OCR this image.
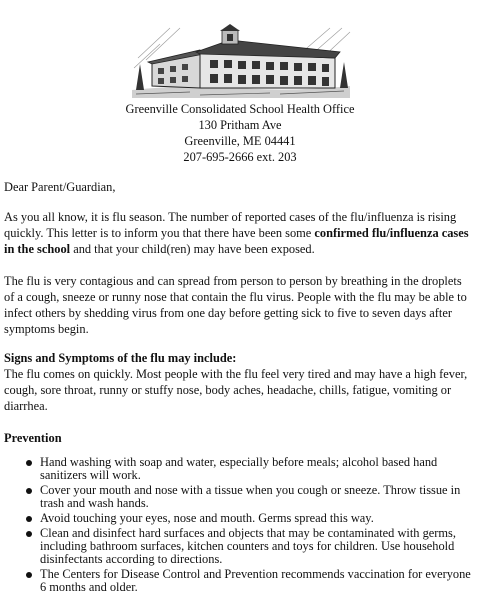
Greenville Consolidated School Health Office
130 Pritham Ave
Greenville, ME 04441
207-695-2666 ext. 203
Dear Parent/Guardian,
As you all know, it is flu season. The number of reported cases of the flu/influenza is rising quickly. This letter is to inform you that there have been some confirmed flu/influenza cases in the school and that your child(ren) may have been exposed.
The flu is very contagious and can spread from person to person by breathing in the droplets of a cough, sneeze or runny nose that contain the flu virus. People with the flu may be able to infect others by shedding virus from one day before getting sick to five to seven days after symptoms begin.
Signs and Symptoms of the flu may include:
The flu comes on quickly. Most people with the flu feel very tired and may have a high fever, cough, sore throat, runny or stuffy nose, body aches, headache, chills, fatigue, vomiting or diarrhea.
Prevention
Hand washing with soap and water, especially before meals; alcohol based hand sanitizers will work.
Cover your mouth and nose with a tissue when you cough or sneeze. Throw tissue in trash and wash hands.
Avoid touching your eyes, nose and mouth. Germs spread this way.
Clean and disinfect hard surfaces and objects that may be contaminated with germs, including bathroom surfaces, kitchen counters and toys for children. Use household disinfectants according to directions.
The Centers for Disease Control and Prevention recommends vaccination for everyone 6 months and older.
